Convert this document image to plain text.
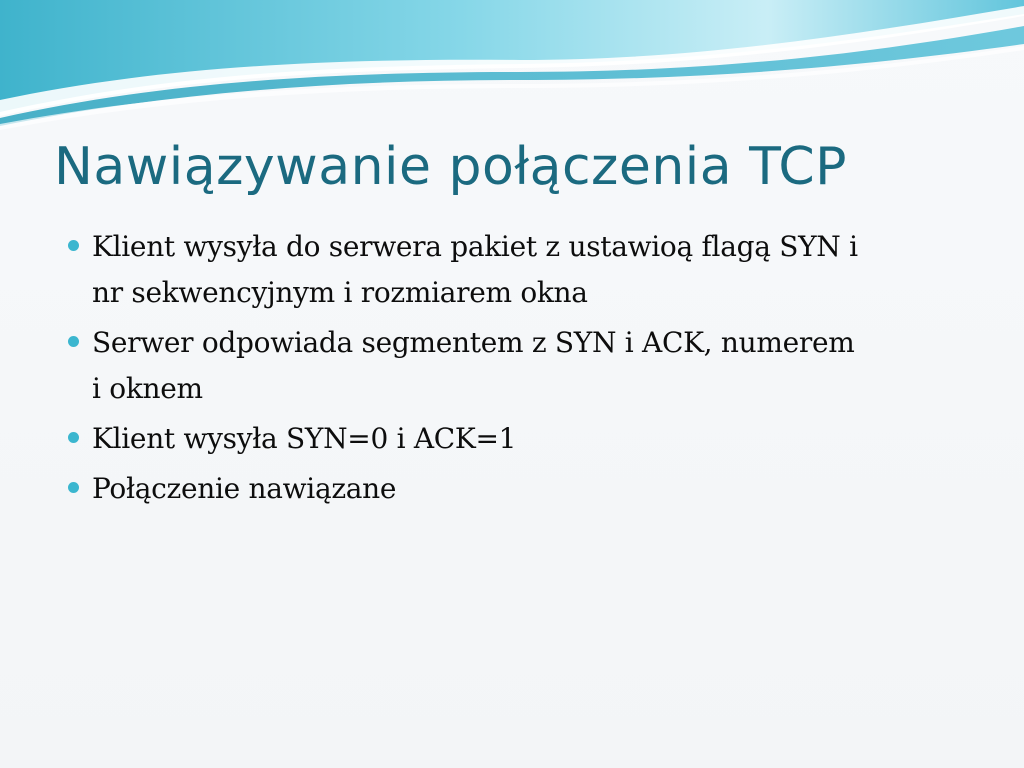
Nawiązywanie połączenia TCP
Klient wysyła do serwera pakiet z ustawioą flagą SYN i
nr sekwencyjnym i rozmiarem okna
Serwer odpowiada segmentem z SYN i ACK, numerem
i oknem
Klient wysyła SYN=0 i ACK=1
Połączenie nawiązane
